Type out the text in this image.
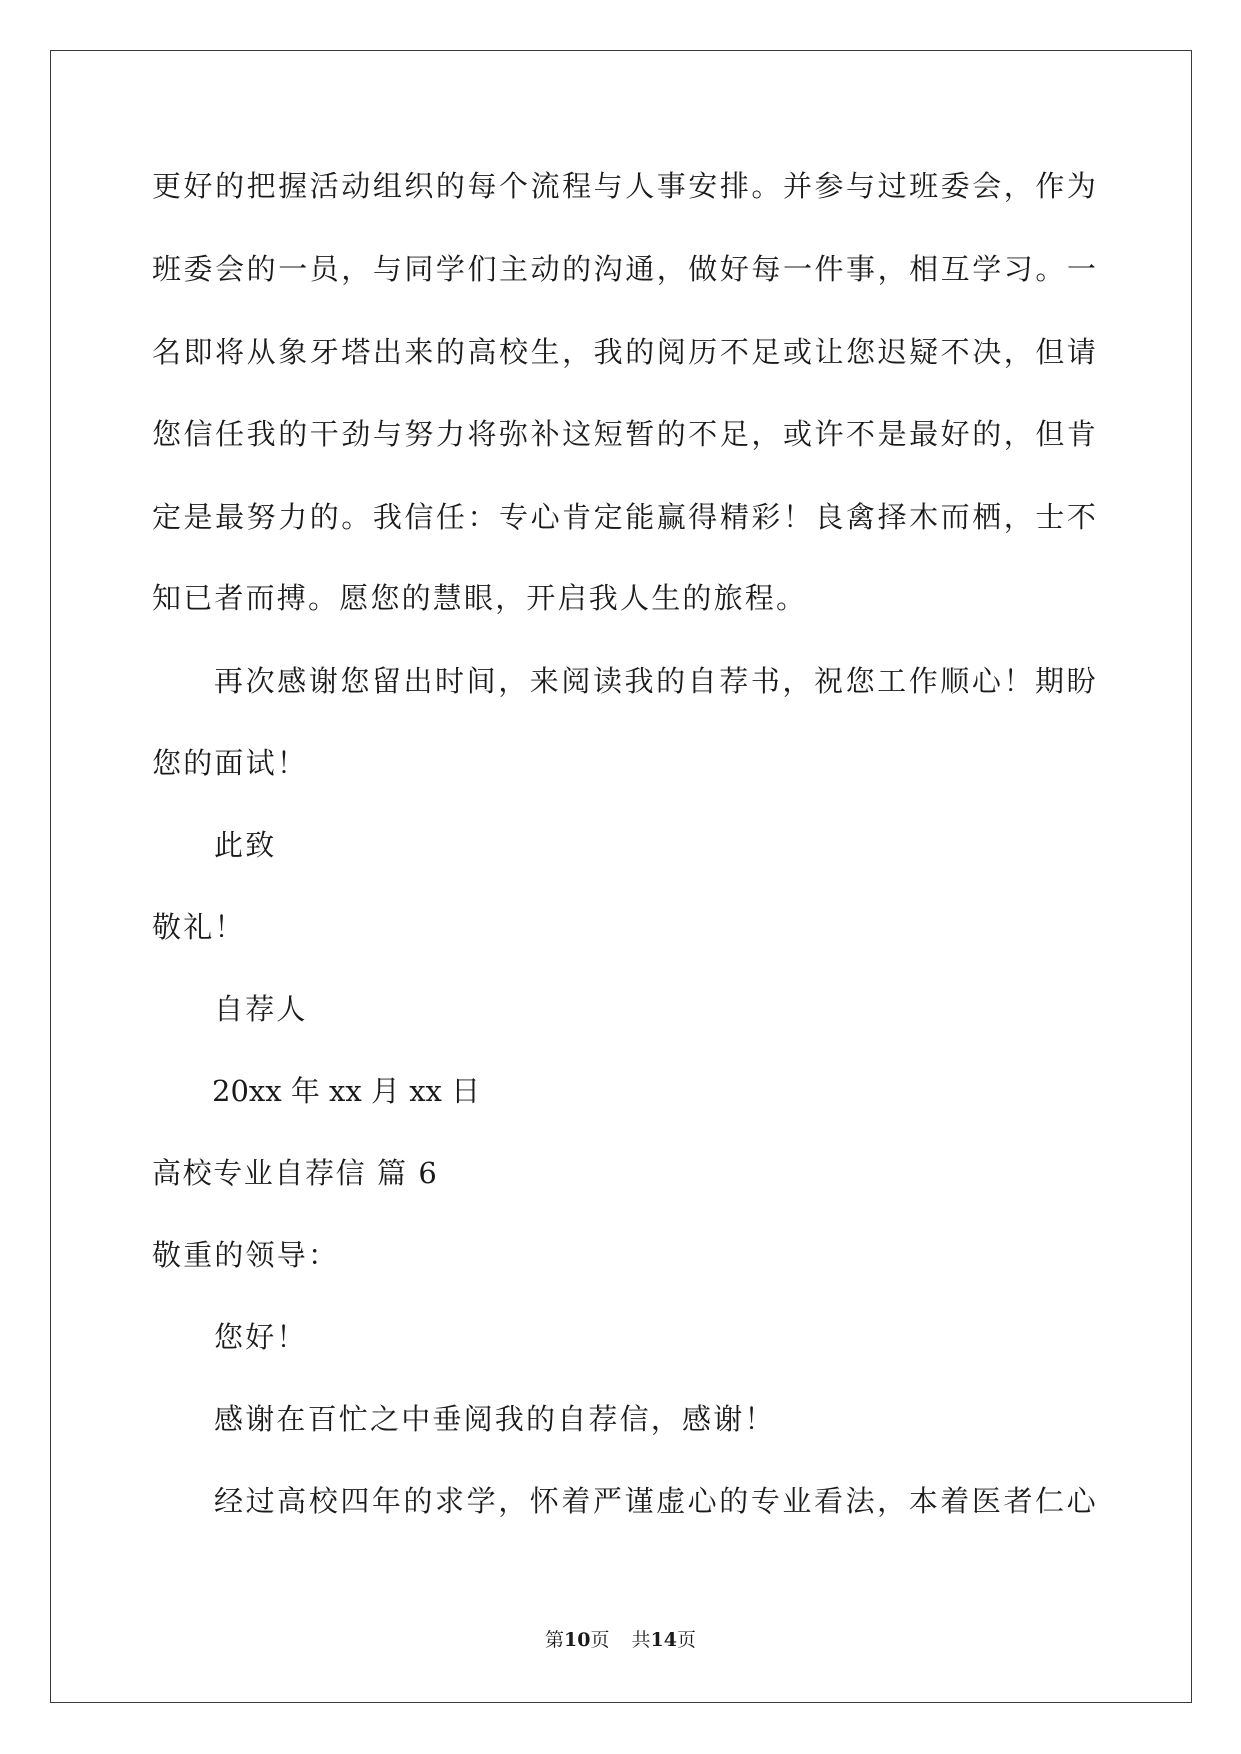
更 好 的 把 握 活 动 组 织 的 每 个 流 程 与 人 事 安 排 。 并 参 与 过 班 委 会 ， 作 为
班 委 会 的 一 员 ， 与 同 学 们 主 动 的 沟 通 ， 做 好 每 一 件 事 ， 相 互 学 习 。 一
名 即 将 从 象 牙 塔 出 来 的 高 校 生 ， 我 的 阅 历 不 足 或 让 您 迟 疑 不 决 ， 但 请
您 信 任 我 的 干 劲 与 努 力 将 弥 补 这 短 暂 的 不 足 ， 或 许 不 是 最 好 的 ， 但 肯
定 是 最 努 力 的 。 我 信 任 ： 专 心 肯 定 能 赢 得 精 彩 ！ 良 禽 择 木 而 栖 ， 士 不
知已者而搏。愿您的慧眼，开启我人生的旅程。
再 次 感 谢 您 留 出 时 间 ， 来 阅 读 我 的 自 荐 书 ， 祝 您 工 作 顺 心 ！ 期 盼
您的面试！
此致
敬礼！
自荐人
20xx 年 xx 月 xx 日
高校专业自荐信 篇 6
敬重的领导：
您好！
感谢在百忙之中垂阅我的自荐信，感谢！
经 过 高 校 四 年 的 求 学 ， 怀 着 严 谨 虚 心 的 专 业 看 法 ， 本 着 医 者 仁 心
第10页 共14页
